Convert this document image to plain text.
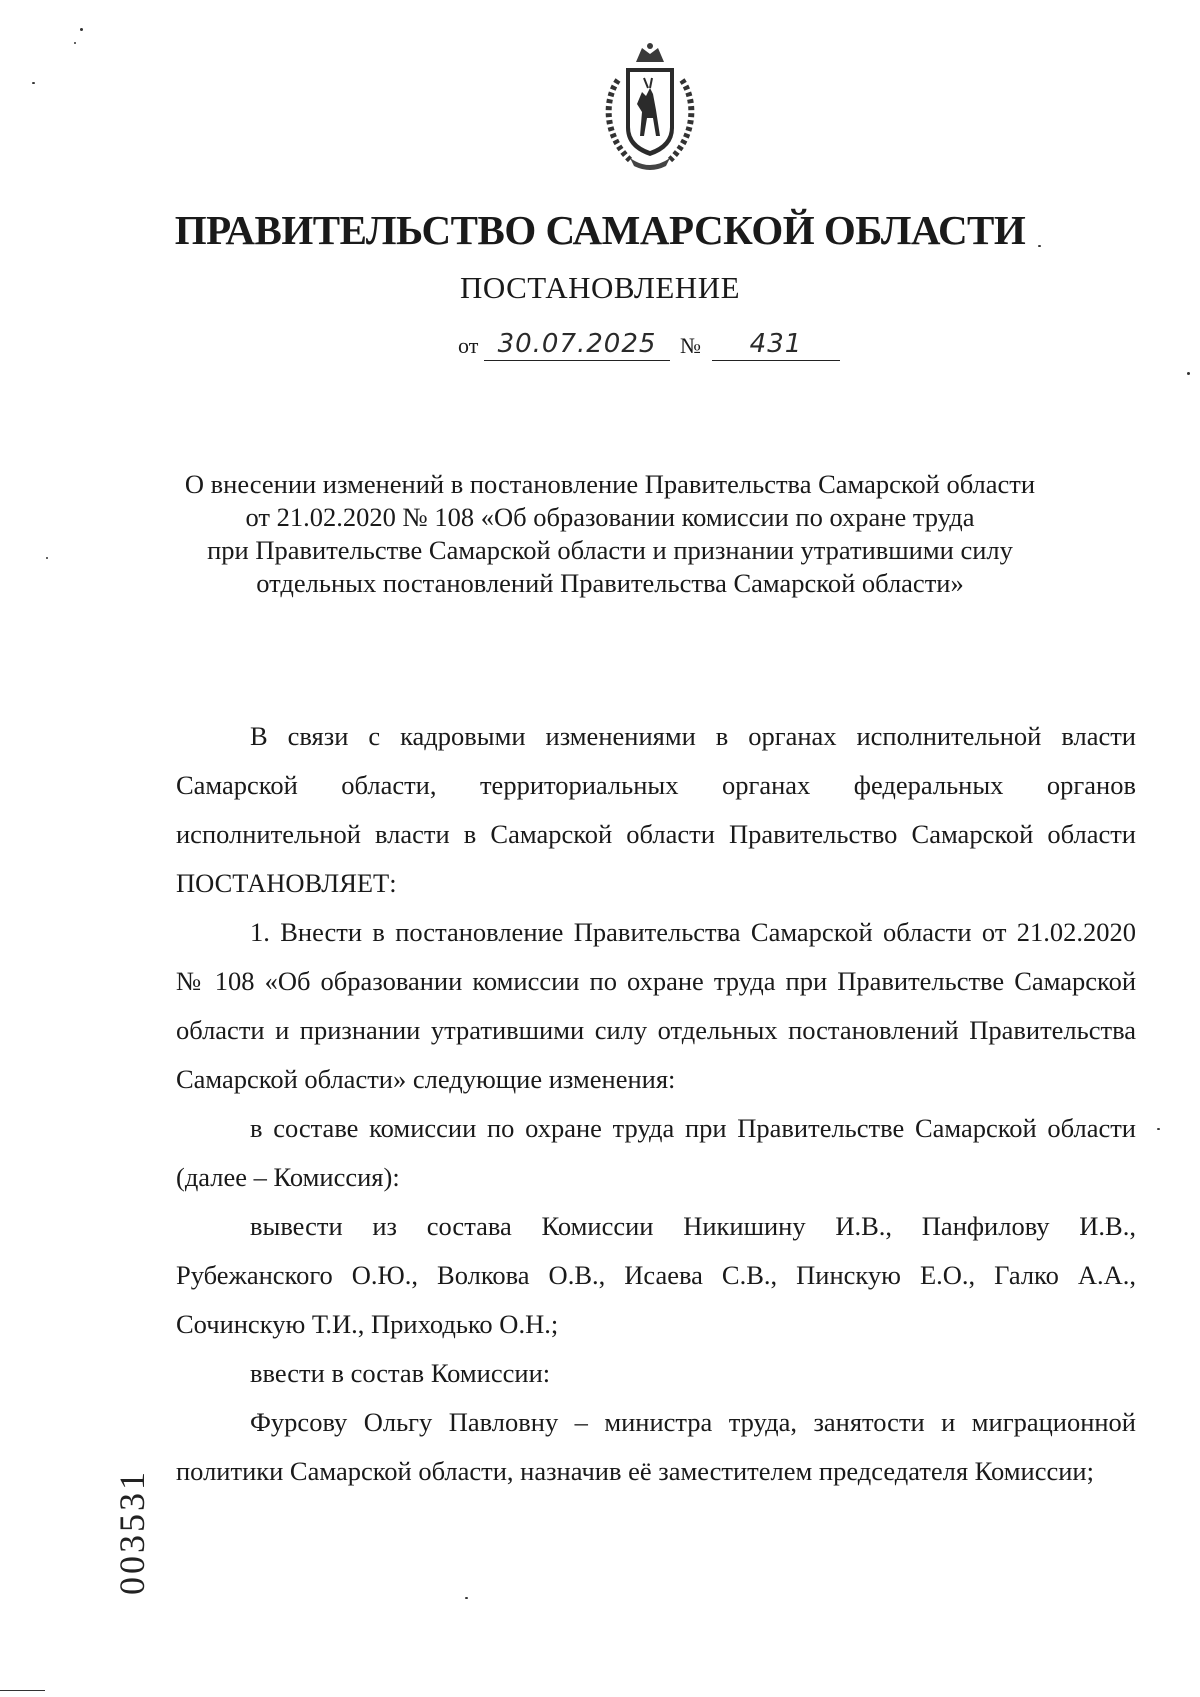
ПРАВИТЕЛЬСТВО САМАРСКОЙ ОБЛАСТИ
ПОСТАНОВЛЕНИЕ
от 30.07.2025	№	431
О внесении изменений в постановление Правительства Самарской области
от 21.02.2020 № 108 «Об образовании комиссии по охране труда
при Правительстве Самарской области и признании утратившими силу
отдельных постановлений Правительства Самарской области»

В связи с кадровыми изменениями в органах исполнительной власти Самарской области, территориальных органах федеральных органов исполнительной власти в Самарской области Правительство Самарской области ПОСТАНОВЛЯЕТ:

1. Внести в постановление Правительства Самарской области от 21.02.2020 № 108 «Об образовании комиссии по охране труда при Правительстве Самарской области и признании утратившими силу отдельных постановлений Правительства Самарской области» следующие изменения:

в составе комиссии по охране труда при Правительстве Самарской области (далее – Комиссия):

вывести из состава Комиссии Никишину И.В., Панфилову И.В., Рубежанского О.Ю., Волкова О.В., Исаева С.В., Пинскую Е.О., Галко А.А., Сочинскую Т.И., Приходько О.Н.;

ввести в состав Комиссии:

Фурсову Ольгу Павловну – министра труда, занятости и миграционной политики Самарской области, назначив её заместителем председателя Комиссии;

003531
